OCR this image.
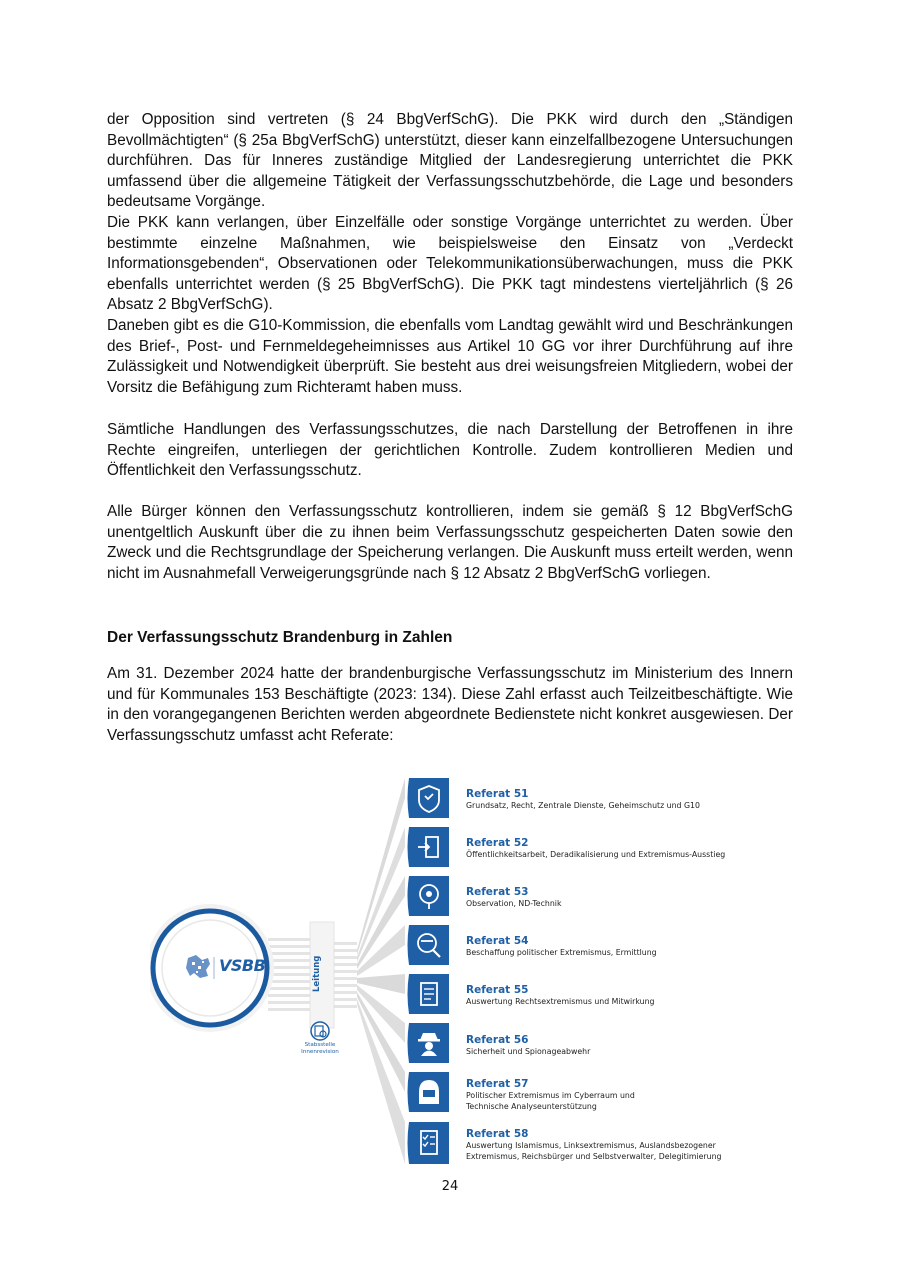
der Opposition sind vertreten (§ 24 BbgVerfSchG). Die PKK wird durch den „Ständigen Bevollmächtigten“ (§ 25a BbgVerfSchG) unterstützt, dieser kann einzelfallbezogene Untersuchungen durchführen. Das für Inneres zuständige Mitglied der Landesregierung unterrichtet die PKK umfassend über die allgemeine Tätigkeit der Verfassungsschutzbehörde, die Lage und besonders bedeutsame Vorgänge.

Die PKK kann verlangen, über Einzelfälle oder sonstige Vorgänge unterrichtet zu werden. Über bestimmte einzelne Maßnahmen, wie beispielsweise den Einsatz von „Verdeckt Informationsgebenden“, Observationen oder Telekommunikationsüberwachungen, muss die PKK ebenfalls unterrichtet werden (§ 25 BbgVerfSchG). Die PKK tagt mindestens vierteljährlich (§ 26 Absatz 2 BbgVerfSchG).

Daneben gibt es die G10-Kommission, die ebenfalls vom Landtag gewählt wird und Beschränkungen des Brief-, Post- und Fernmeldegeheimnisses aus Artikel 10 GG vor ihrer Durchführung auf ihre Zulässigkeit und Notwendigkeit überprüft. Sie besteht aus drei weisungsfreien Mitgliedern, wobei der Vorsitz die Befähigung zum Richteramt haben muss.

Sämtliche Handlungen des Verfassungsschutzes, die nach Darstellung der Betroffenen in ihre Rechte eingreifen, unterliegen der gerichtlichen Kontrolle. Zudem kontrollieren Medien und Öffentlichkeit den Verfassungsschutz.

Alle Bürger können den Verfassungsschutz kontrollieren, indem sie gemäß § 12 BbgVerfSchG unentgeltlich Auskunft über die zu ihnen beim Verfassungsschutz gespeicherten Daten sowie den Zweck und die Rechtsgrundlage der Speicherung verlangen. Die Auskunft muss erteilt werden, wenn nicht im Ausnahmefall Verweigerungsgründe nach § 12 Absatz 2 BbgVerfSchG vorliegen.

Der Verfassungsschutz Brandenburg in Zahlen

Am 31. Dezember 2024 hatte der brandenburgische Verfassungsschutz im Ministerium des Innern und für Kommunales 153 Beschäftigte (2023: 134). Diese Zahl erfasst auch Teilzeitbeschäftigte. Wie in den vorangegangenen Berichten werden abgeordnete Bedienstete nicht konkret ausgewiesen. Der Verfassungsschutz umfasst acht Referate:

VSBB	Leitung
Stabsstelle
Innenrevision
Referat 51
Grundsatz, Recht, Zentrale Dienste, Geheimschutz und G10
Referat 52
Öffentlichkeitsarbeit, Deradikalisierung und Extremismus-Ausstieg
Referat 53
Observation, ND-Technik
Referat 54
Beschaffung politischer Extremismus, Ermittlung
Referat 55
Auswertung Rechtsextremismus und Mitwirkung
Referat 56
Sicherheit und Spionageabwehr
Referat 57
Politischer Extremismus im Cyberraum und
Technische Analyseunterstützung
Referat 58
Auswertung Islamismus, Linksextremismus, Auslandsbezogener
Extremismus, Reichsbürger und Selbstverwalter, Delegitimierung
24
